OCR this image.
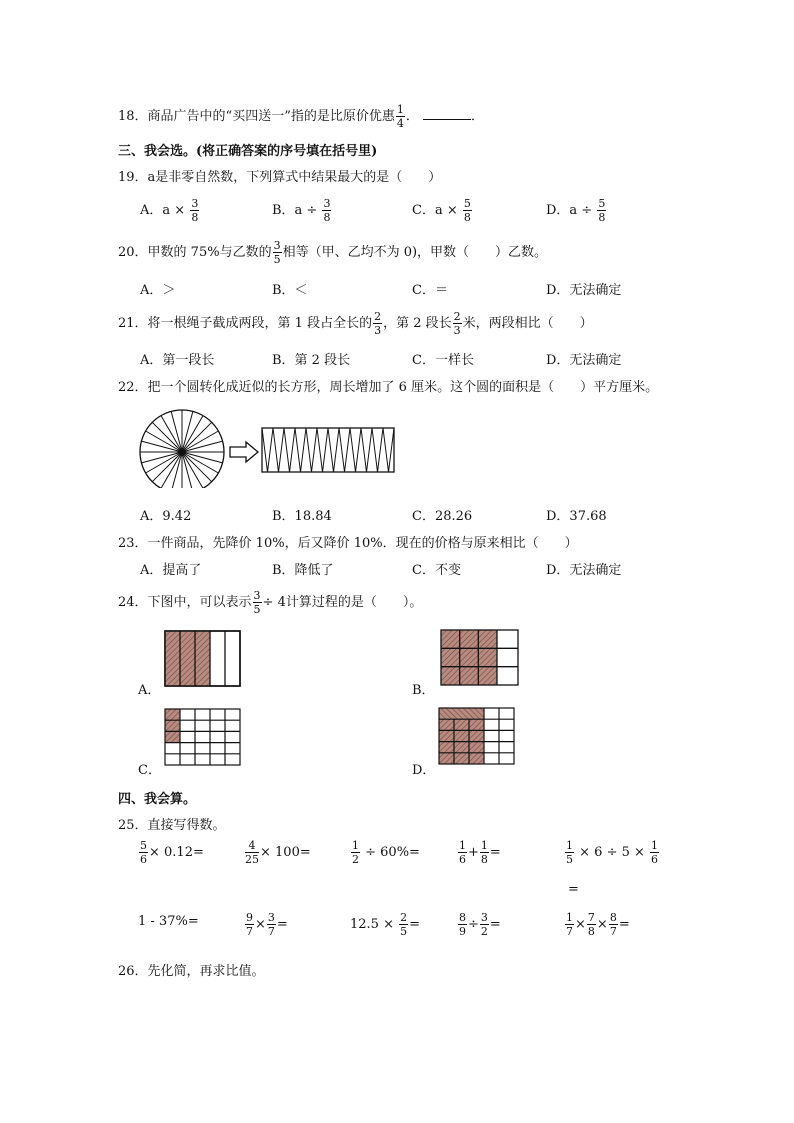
18．商品广告中的“买四送一”指的是比原价优惠 $\frac{1}{4}$ ．	．
三、我会选。(将正确答案的序号填在括号里)
19．a是非零自然数，下列算式中结果最大的是（　　）
A．$a \times \frac{3}{8}$	B．$a \div \frac{3}{8}$	C．$a \times \frac{5}{8}$	D．$a \div \frac{5}{8}$
20．甲数的 75%与乙数的 $\frac{3}{5}$ 相等（甲、乙均不为 0)，甲数（　　）乙数。
A．＞	B．＜	C．＝	D．无法确定
21．将一根绳子截成两段，第 1 段占全长的 $\frac{2}{3}$ ，第 2 段长 $\frac{2}{3}$ 米，两段相比（　　）
A．第一段长	B．第 2 段长	C．一样长	D．无法确定
22．把一个圆转化成近似的长方形，周长增加了 6 厘米。这个圆的面积是（　　）平方厘米。
A．9.42	B．18.84	C．28.26	D．37.68
23．一件商品，先降价 10%，后又降价 10%．现在的价格与原来相比（　　）
A．提高了	B．降低了	C．不变	D．无法确定
24．下图中，可以表示 $\frac{3}{5} \div 4$计算过程的是（　　）。
A．	B．
C．	D．
四、我会算。
25．直接写得数。
$\frac{5}{6} \times 0.12=$	$\frac{4}{25} \times 100=$	$\frac{1}{2} \div 60\%=$	$\frac{1}{6} + \frac{1}{8}$ =	$\frac{1}{5} \times 6 \div 5 \times \frac{1}{6}$
=
1 - 37%=	$\frac{9}{7} \times \frac{3}{7}$ =	$12.5 \times \frac{2}{5}$ =	$\frac{8}{9} \div \frac{3}{2}$ =	$\frac{1}{7} \times \frac{7}{8} \times \frac{8}{7}$ =
26．先化简，再求比值。
